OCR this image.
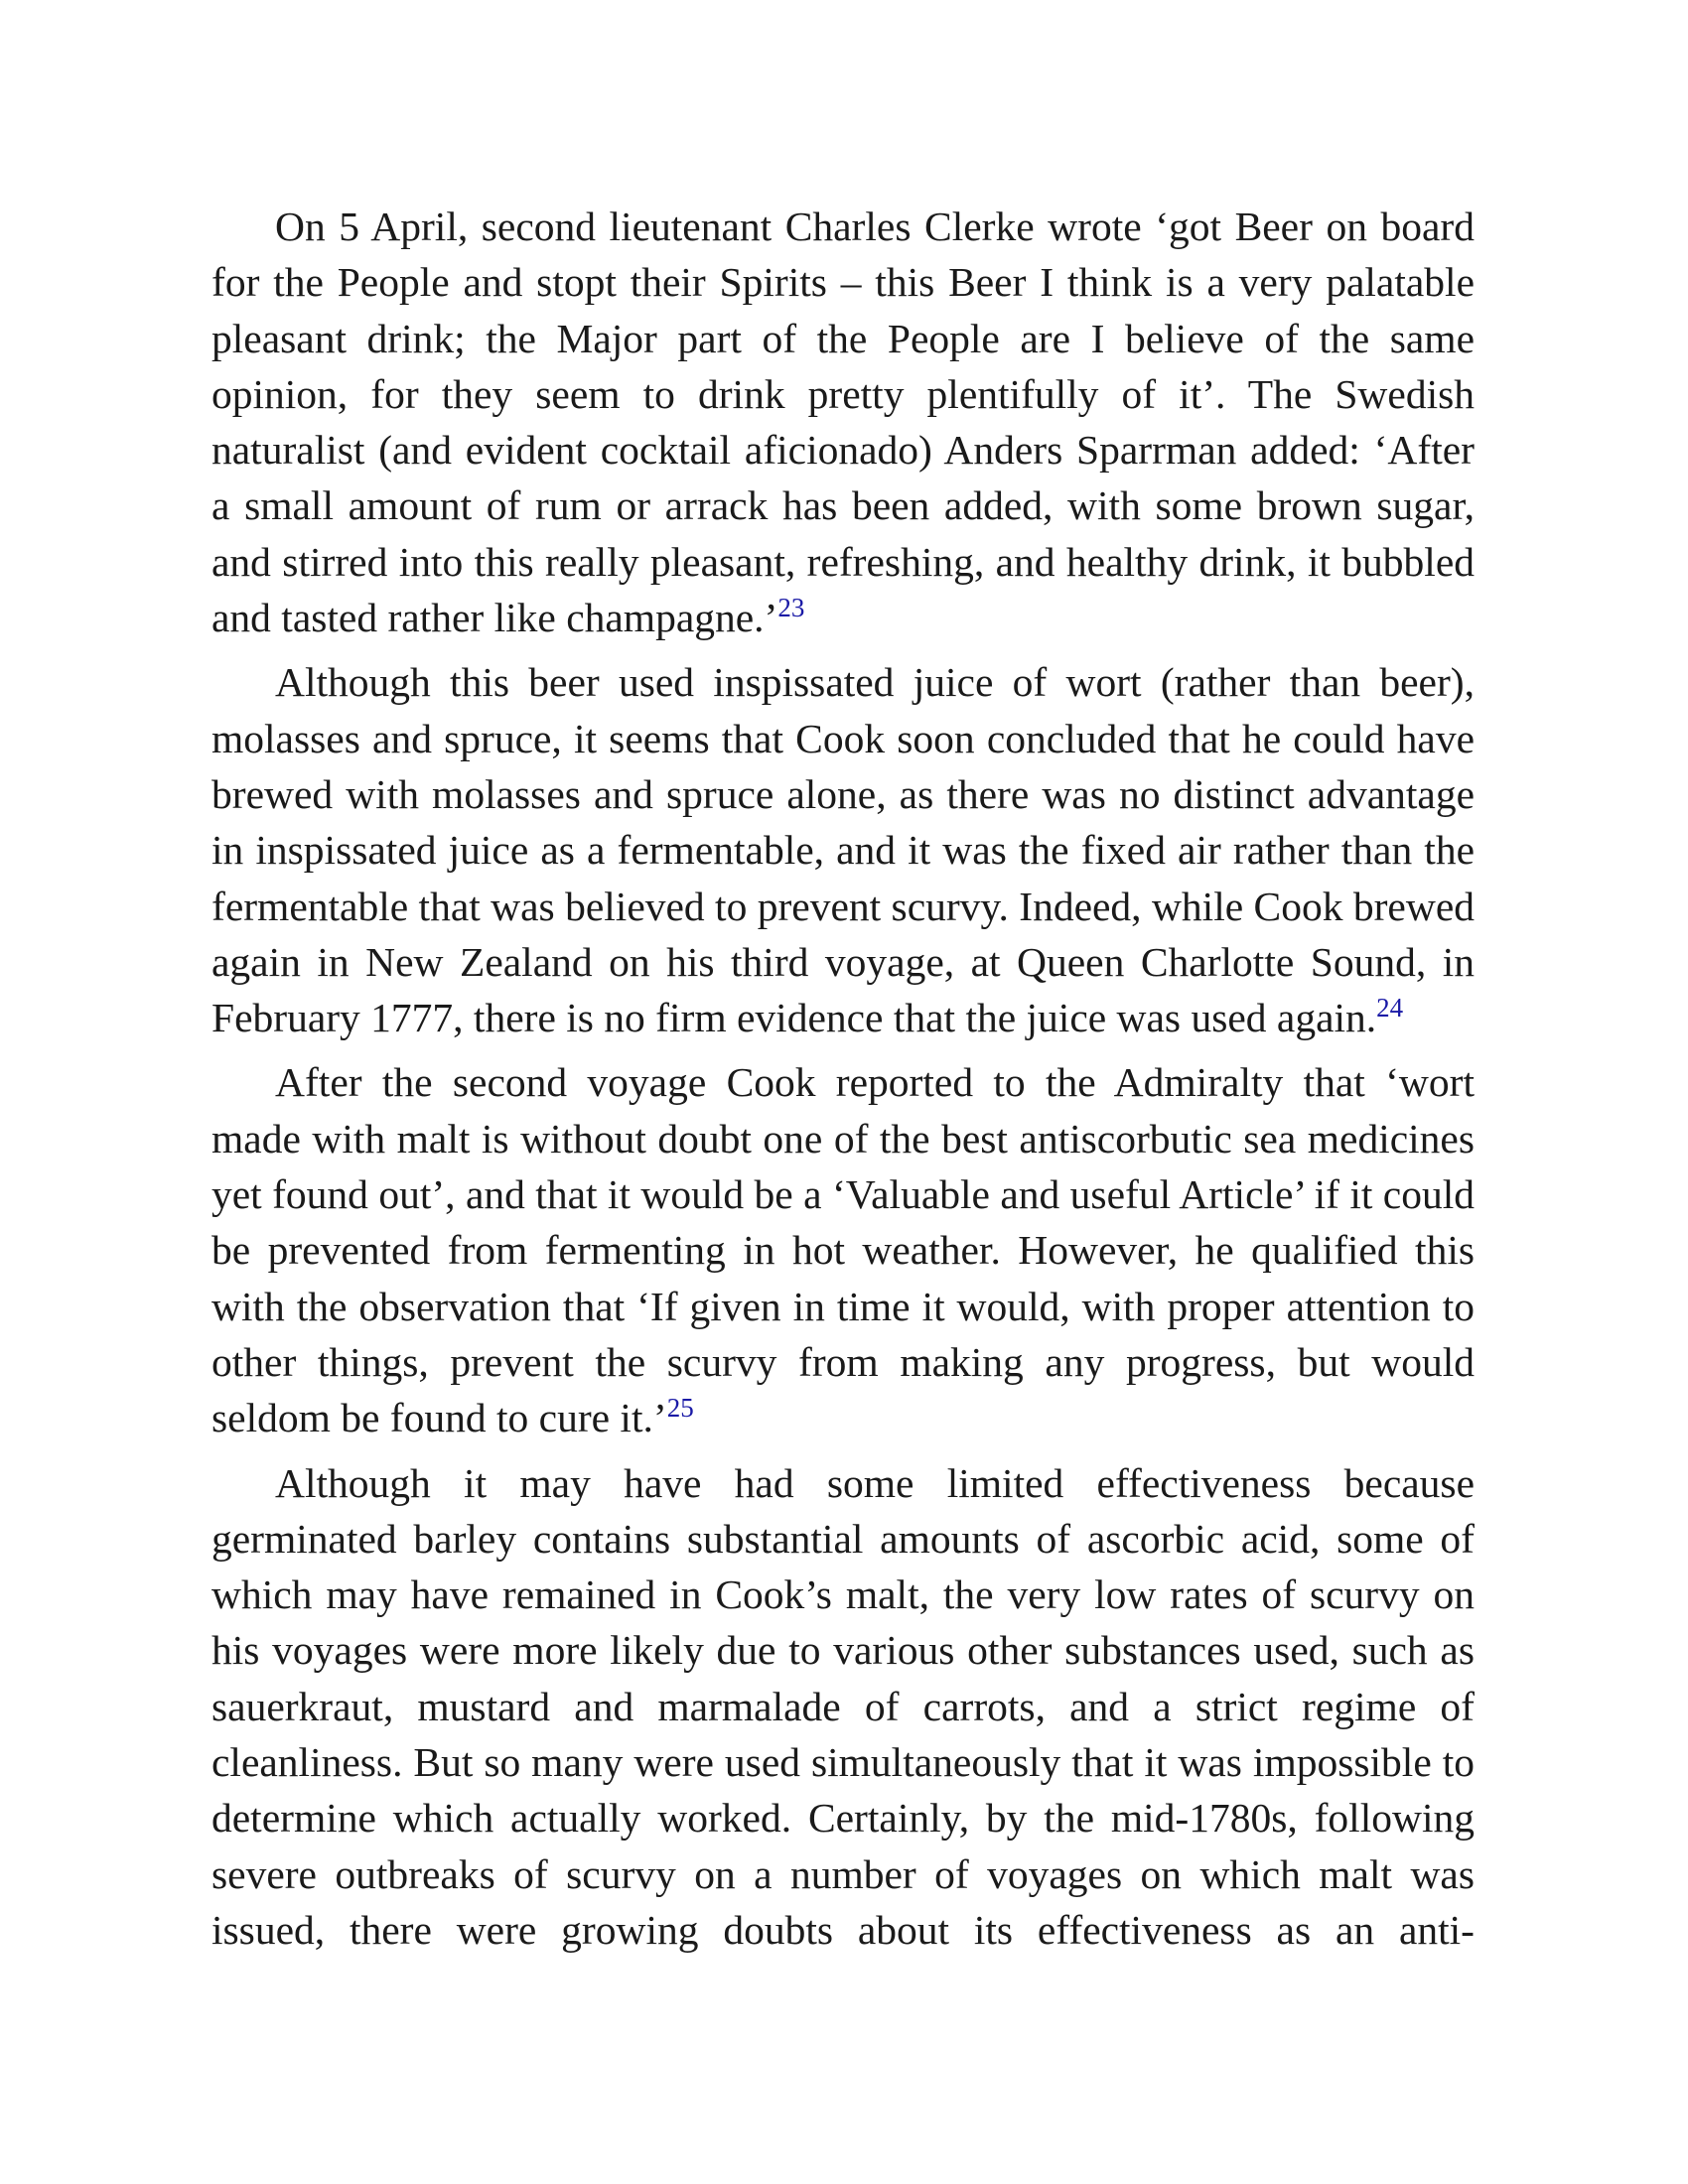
On 5 April, second lieutenant Charles Clerke wrote ‘got Beer on board for the People and stopt their Spirits – this Beer I think is a very palatable pleasant drink; the Major part of the People are I believe of the same opinion, for they seem to drink pretty plentifully of it’. The Swedish naturalist (and evident cocktail aficionado) Anders Sparrman added: ‘After a small amount of rum or arrack has been added, with some brown sugar, and stirred into this really pleasant, refreshing, and healthy drink, it bubbled and tasted rather like champagne.’$^{23}$

Although this beer used inspissated juice of wort (rather than beer), molasses and spruce, it seems that Cook soon concluded that he could have brewed with molasses and spruce alone, as there was no distinct advantage in inspissated juice as a fermentable, and it was the fixed air rather than the fermentable that was believed to prevent scurvy. Indeed, while Cook brewed again in New Zealand on his third voyage, at Queen Charlotte Sound, in February 1777, there is no firm evidence that the juice was used again.$^{24}$

After the second voyage Cook reported to the Admiralty that ‘wort made with malt is without doubt one of the best antiscorbutic sea medicines yet found out’, and that it would be a ‘Valuable and useful Article’ if it could be prevented from fermenting in hot weather. However, he qualified this with the observation that ‘If given in time it would, with proper attention to other things, prevent the scurvy from making any progress, but would seldom be found to cure it.’$^{25}$

Although it may have had some limited effectiveness because germinated barley contains substantial amounts of ascorbic acid, some of which may have remained in Cook’s malt, the very low rates of scurvy on his voyages were more likely due to various other substances used, such as sauerkraut, mustard and marmalade of carrots, and a strict regime of cleanliness. But so many were used simultaneously that it was impossible to determine which actually worked. Certainly, by the mid-1780s, following severe outbreaks of scurvy on a number of voyages on which malt was issued, there were growing doubts about its effectiveness as an anti-
